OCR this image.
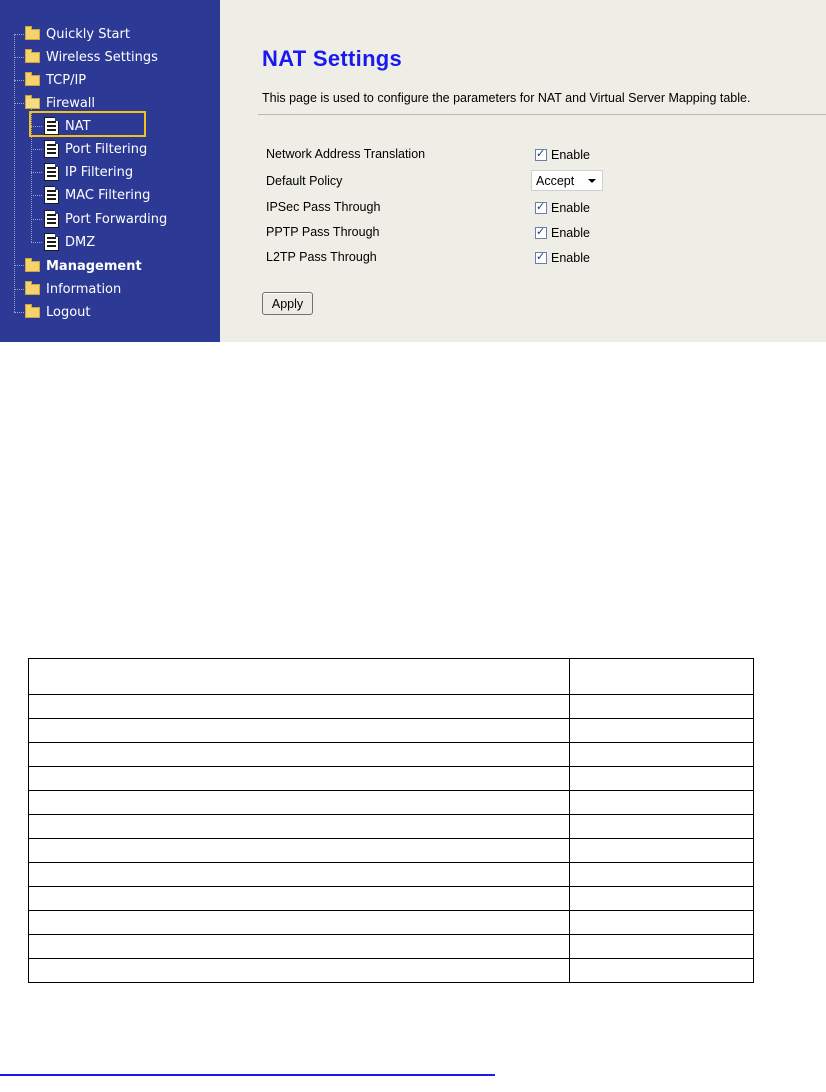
Quickly Start
Wireless Settings
TCP/IP
Firewall
NAT
Port Filtering
IP Filtering
MAC Filtering
Port Forwarding
DMZ
Management
Information
Logout
NAT Settings
This page is used to configure the parameters for NAT and Virtual Server Mapping table.
Network Address Translation ✓	Enable
Default Policy	Accept
IPSec Pass Through ✓	Enable
PPTP Pass Through ✓	Enable
L2TP Pass Through ✓	Enable
Apply
